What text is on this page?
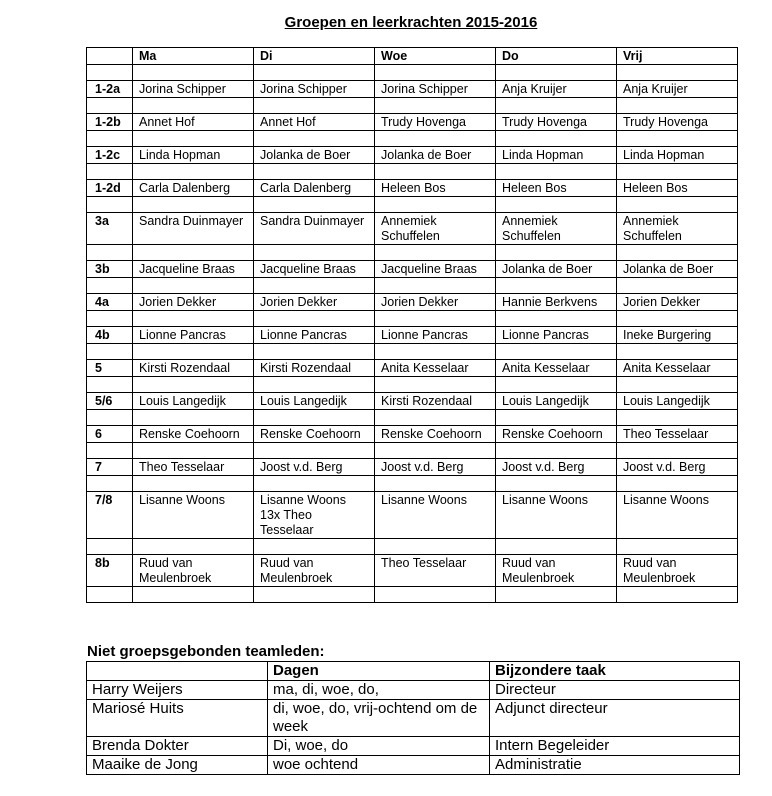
Groepen en leerkrachten 2015-2016
	Ma	Di	Woe	Do	Vrij

1-2a	Jorina Schipper	Jorina Schipper	Jorina Schipper	Anja Kruijer	Anja Kruijer

1-2b	Annet Hof	Annet Hof	Trudy Hovenga	Trudy Hovenga	Trudy Hovenga

1-2c	Linda Hopman	Jolanka de Boer	Jolanka de Boer	Linda Hopman	Linda Hopman

1-2d	Carla Dalenberg	Carla Dalenberg	Heleen Bos	Heleen Bos	Heleen Bos

3a	Sandra Duinmayer	Sandra Duinmayer	Annemiek Schuffelen	Annemiek Schuffelen	Annemiek Schuffelen

3b	Jacqueline Braas	Jacqueline Braas	Jacqueline Braas	Jolanka de Boer	Jolanka de Boer

4a	Jorien Dekker	Jorien Dekker	Jorien Dekker	Hannie Berkvens	Jorien Dekker

4b	Lionne Pancras	Lionne Pancras	Lionne Pancras	Lionne Pancras	Ineke Burgering

5	Kirsti Rozendaal	Kirsti Rozendaal	Anita Kesselaar	Anita Kesselaar	Anita Kesselaar

5/6	Louis Langedijk	Louis Langedijk	Kirsti Rozendaal	Louis Langedijk	Louis Langedijk

6	Renske Coehoorn	Renske Coehoorn	Renske Coehoorn	Renske Coehoorn	Theo Tesselaar

7	Theo Tesselaar	Joost v.d. Berg	Joost v.d. Berg	Joost v.d. Berg	Joost v.d. Berg

7/8	Lisanne Woons	Lisanne Woons 13x Theo Tesselaar	Lisanne Woons	Lisanne Woons	Lisanne Woons

8b	Ruud van Meulenbroek	Ruud van Meulenbroek	Theo Tesselaar	Ruud van Meulenbroek	Ruud van Meulenbroek

Niet groepsgebonden teamleden:
	Dagen	Bijzondere taak
Harry Weijers	ma, di, woe, do,	Directeur
Mariosé Huits	di, woe, do, vrij-ochtend om de week	Adjunct directeur
Brenda Dokter	Di, woe, do	Intern Begeleider
Maaike de Jong	woe ochtend	Administratie
